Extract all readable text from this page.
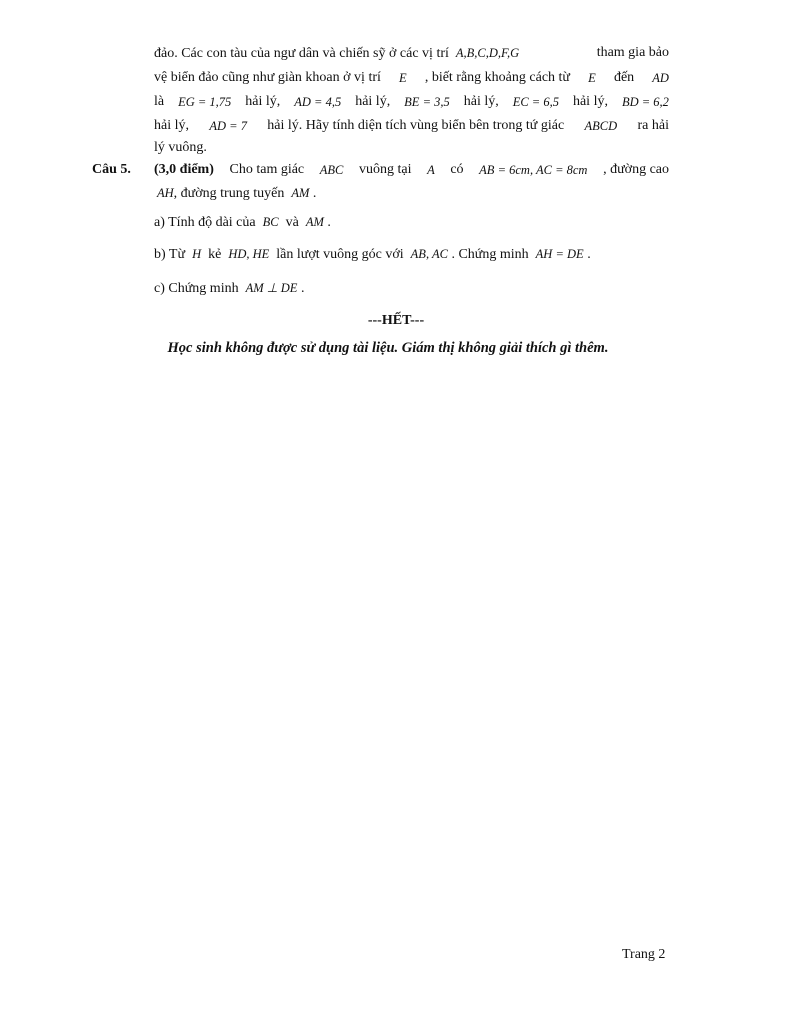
đảo. Các con tàu của ngư dân và chiến sỹ ở các vị trí A,B,C,D,F,G	tham gia bảo
vệ biển đảo cũng như giàn khoan ở vị trí E , biết rằng khoảng cách từ E đến AD
là EG = 1,75 hải lý, AD = 4,5 hải lý, BE = 3,5 hải lý, EC = 6,5 hải lý, BD = 6,2
hải lý, AD = 7 hải lý. Hãy tính diện tích vùng biển bên trong tứ giác ABCD ra hải
lý vuông.
Câu 5. (3,0 điểm) Cho tam giác ABC vuông tại A có AB = 6cm, AC = 8cm , đường cao
AH, đường trung tuyến AM .
a) Tính độ dài của BC và AM .
b) Từ H kẻ HD, HE lần lượt vuông góc với AB, AC . Chứng minh AH = DE .
c) Chứng minh AM ⊥ DE .
---HẾT---
Học sinh không được sử dụng tài liệu. Giám thị không giải thích gì thêm.
Trang 2
